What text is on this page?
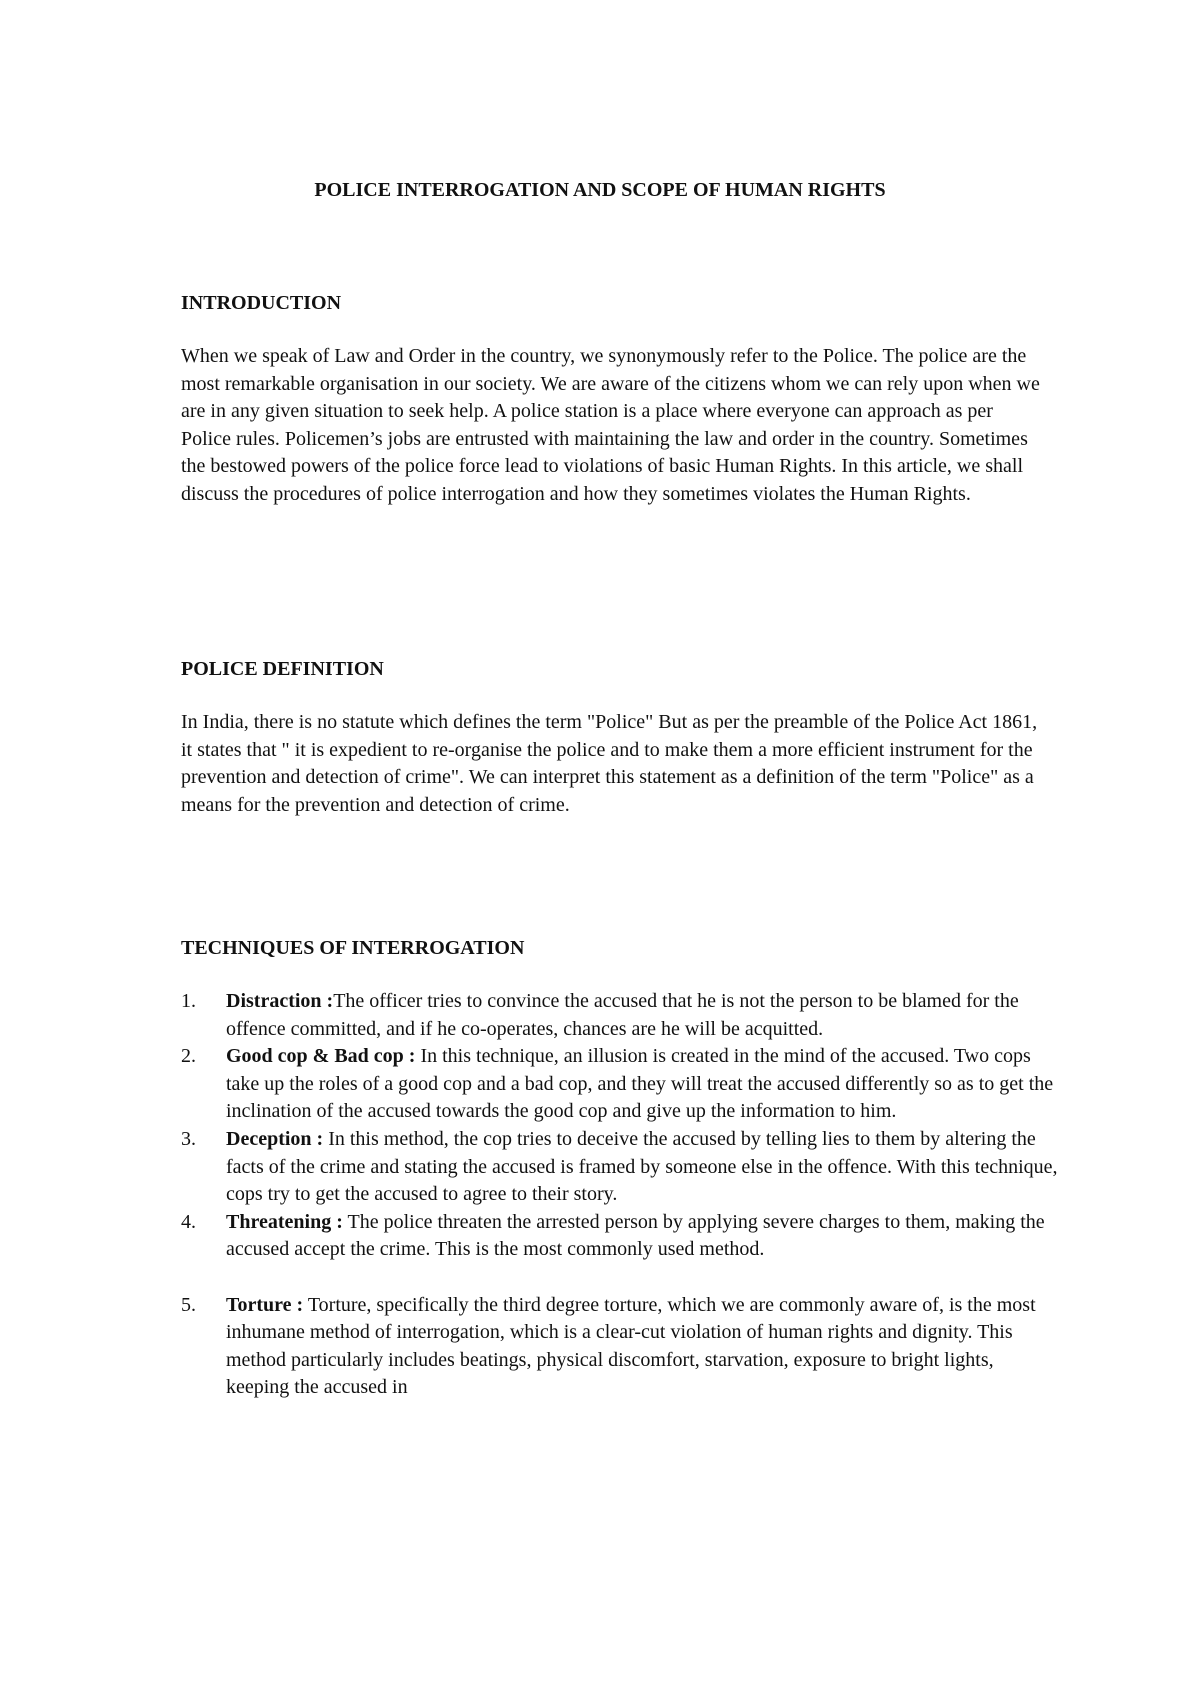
POLICE INTERROGATION AND SCOPE OF HUMAN RIGHTS
INTRODUCTION

When we speak of Law and Order in the country, we synonymously refer to the Police. The police are the most remarkable organisation in our society. We are aware of the citizens whom we can rely upon when we are in any given situation to seek help. A police station is a place where everyone can approach as per Police rules. Policemen’s jobs are entrusted with maintaining the law and order in the country. Sometimes the bestowed powers of the police force lead to violations of basic Human Rights. In this article, we shall discuss the procedures of police interrogation and how they sometimes violates the Human Rights.

POLICE DEFINITION

In India, there is no statute which defines the term "Police" But as per the preamble of the Police Act 1861, it states that " it is expedient to re-organise the police and to make them a more efficient instrument for the prevention and detection of crime". We can interpret this statement as a definition of the term "Police" as a means for the prevention and detection of crime.

TECHNIQUES OF INTERROGATION
1. Distraction :The officer tries to convince the accused that he is not the person to be blamed for the offence committed, and if he co-operates, chances are he will be acquitted.
2. Good cop & Bad cop : In this technique, an illusion is created in the mind of the accused. Two cops take up the roles of a good cop and a bad cop, and they will treat the accused differently so as to get the inclination of the accused towards the good cop and give up the information to him.
3. Deception : In this method, the cop tries to deceive the accused by telling lies to them by altering the facts of the crime and stating the accused is framed by someone else in the offence. With this technique, cops try to get the accused to agree to their story.
4. Threatening : The police threaten the arrested person by applying severe charges to them, making the accused accept the crime. This is the most commonly used method.
5. Torture : Torture, specifically the third degree torture, which we are commonly aware of, is the most inhumane method of interrogation, which is a clear-cut violation of human rights and dignity. This method particularly includes beatings, physical discomfort, starvation, exposure to bright lights, keeping the accused in
